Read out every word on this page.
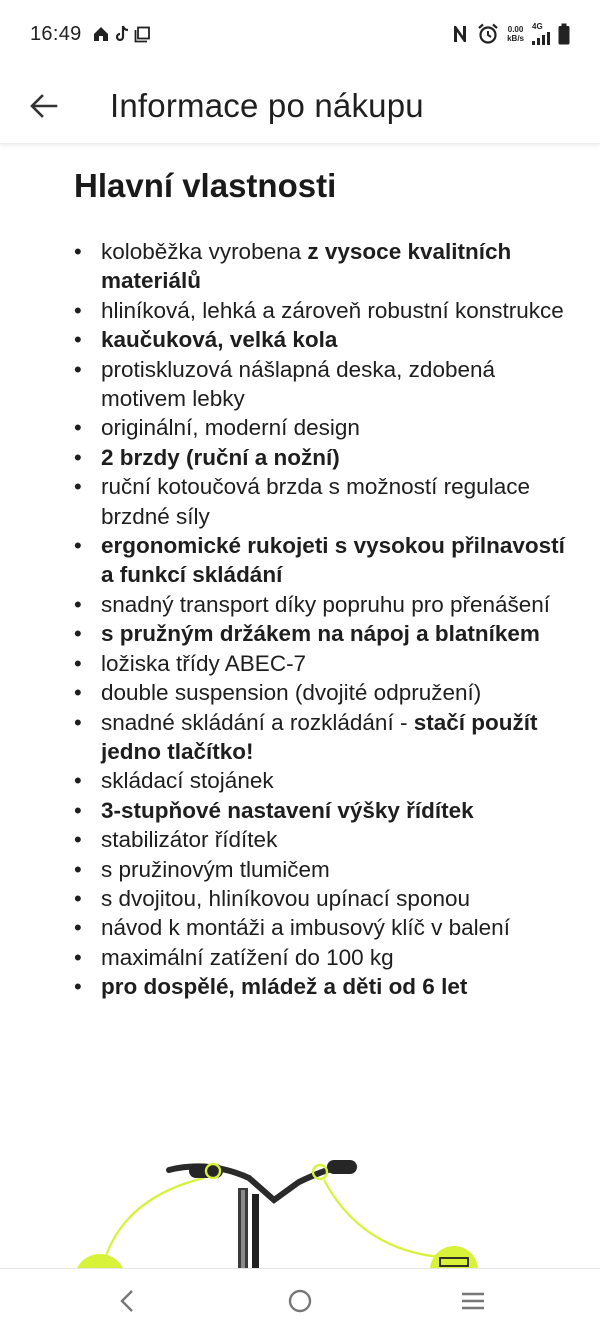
16:49	0.00
kB/s
4G
Informace po nákupu
Hlavní vlastnosti
• koloběžka vyrobena z vysoce kvalitních materiálů
• hliníková, lehká a zároveň robustní konstrukce
• kaučuková, velká kola
• protiskluzová nášlapná deska, zdobená motivem lebky
• originální, moderní design
• 2 brzdy (ruční a nožní)
• ruční kotoučová brzda s možností regulace brzdné síly
• ergonomické rukojeti s vysokou přilnavostí a funkcí skládání
• snadný transport díky popruhu pro přenášení
• s pružným držákem na nápoj a blatníkem
• ložiska třídy ABEC-7
• double suspension (dvojité odpružení)
• snadné skládání a rozkládání - stačí použít jedno tlačítko!
• skládací stojánek
• 3-stupňové nastavení výšky řídítek
• stabilizátor řídítek
• s pružinovým tlumičem
• s dvojitou, hliníkovou upínací sponou
• návod k montáži a imbusový klíč v balení
• maximální zatížení do 100 kg
• pro dospělé, mládež a děti od 6 let
